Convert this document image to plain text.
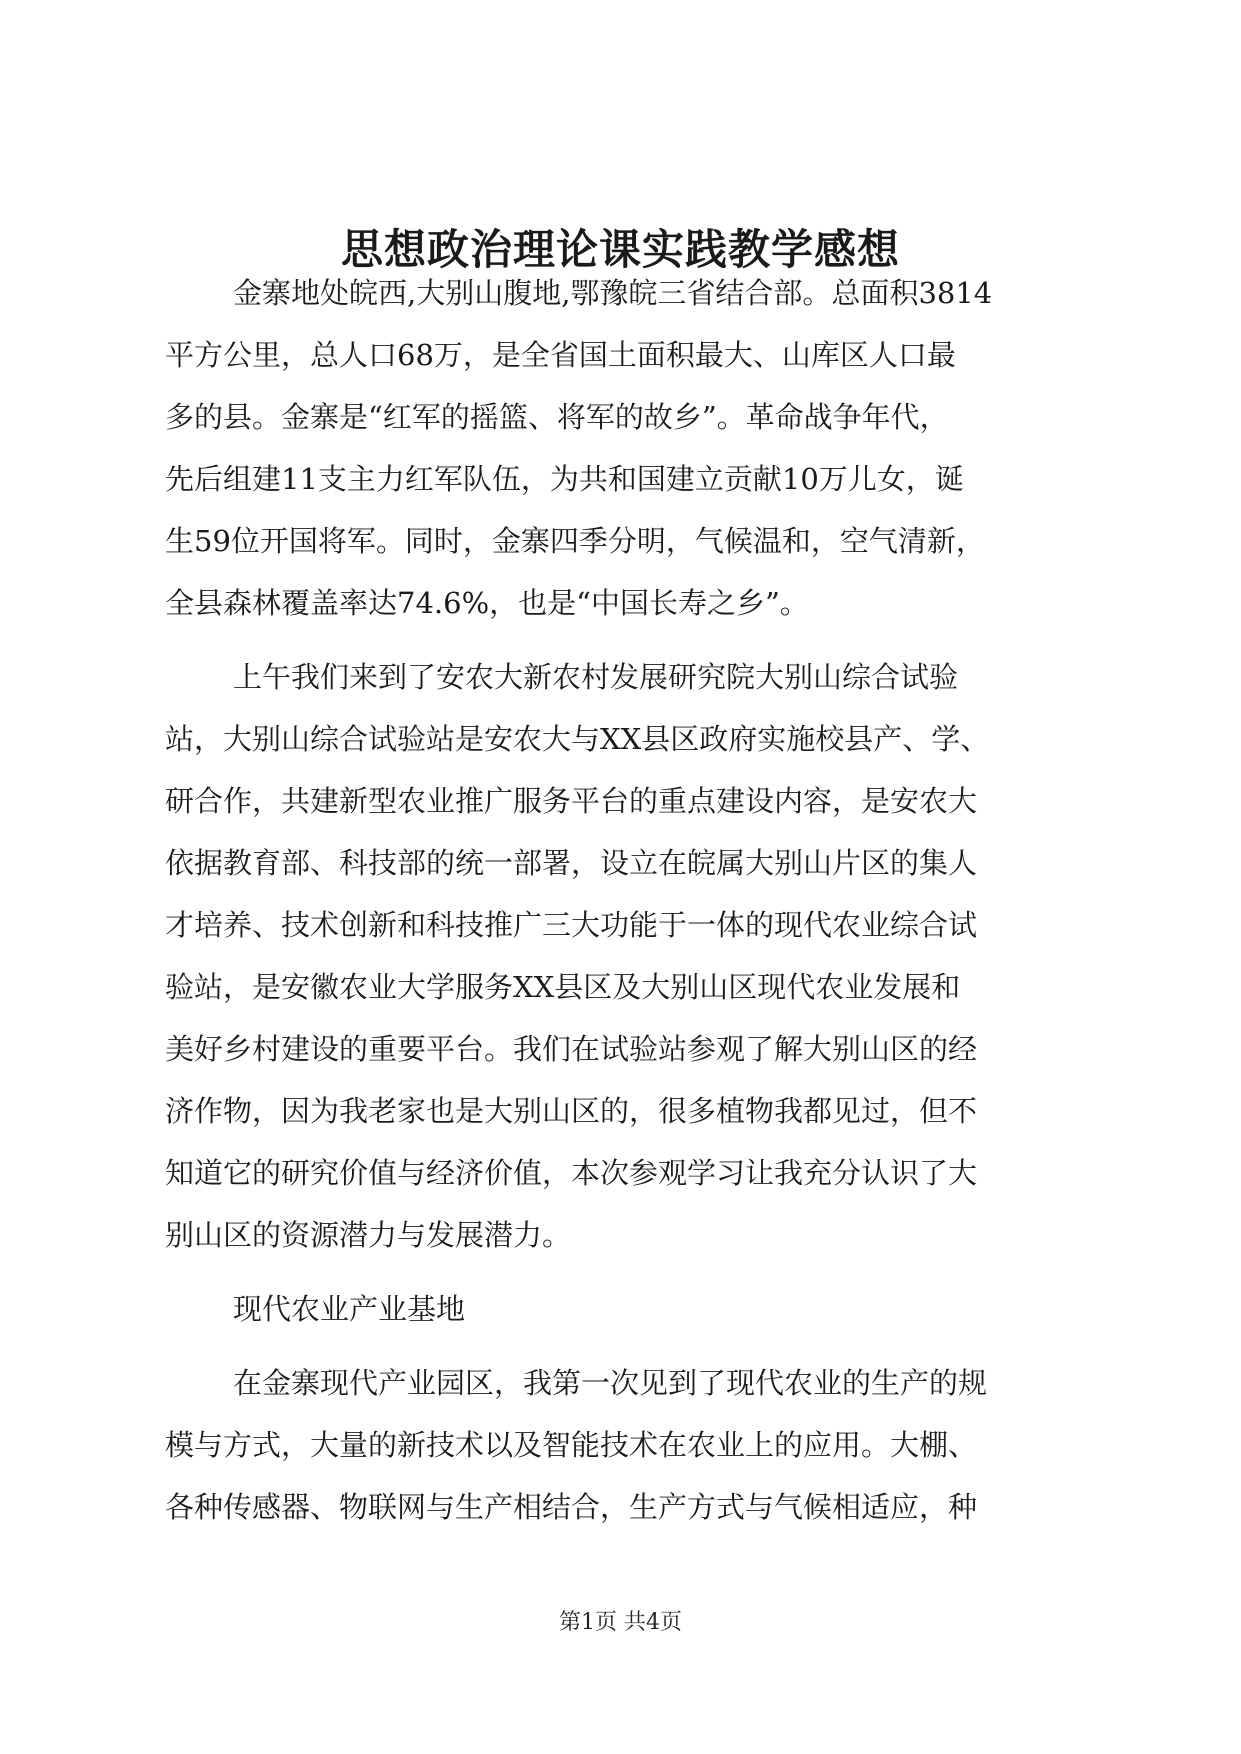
思想政治理论课实践教学感想
金寨地处皖西,大别山腹地,鄂豫皖三省结合部。总面积3814
平方公里，总人口68万，是全省国土面积最大、山库区人口最
多的县。金寨是“红军的摇篮、将军的故乡”。革命战争年代，
先后组建11支主力红军队伍，为共和国建立贡献10万儿女，诞
生59位开国将军。同时，金寨四季分明，气候温和，空气清新，
全县森林覆盖率达74.6%，也是“中国长寿之乡”。
上午我们来到了安农大新农村发展研究院大别山综合试验
站，大别山综合试验站是安农大与XX县区政府实施校县产、学、
研合作，共建新型农业推广服务平台的重点建设内容，是安农大
依据教育部、科技部的统一部署，设立在皖属大别山片区的集人
才培养、技术创新和科技推广三大功能于一体的现代农业综合试
验站，是安徽农业大学服务XX县区及大别山区现代农业发展和
美好乡村建设的重要平台。我们在试验站参观了解大别山区的经
济作物，因为我老家也是大别山区的，很多植物我都见过，但不
知道它的研究价值与经济价值，本次参观学习让我充分认识了大
别山区的资源潜力与发展潜力。
现代农业产业基地
在金寨现代产业园区，我第一次见到了现代农业的生产的规
模与方式，大量的新技术以及智能技术在农业上的应用。大棚、
各种传感器、物联网与生产相结合，生产方式与气候相适应，种
第1页 共4页
